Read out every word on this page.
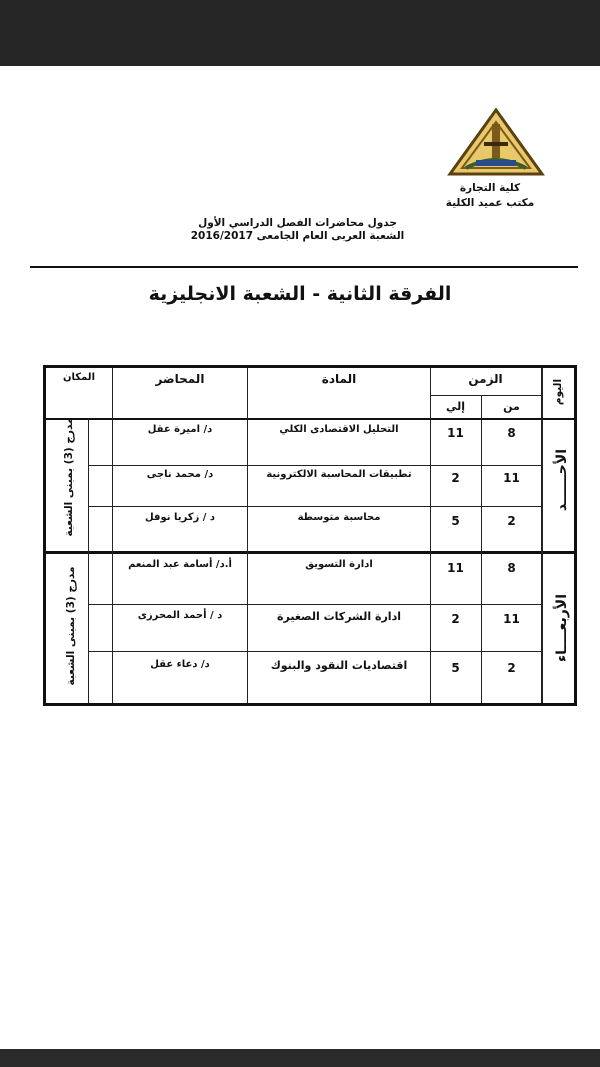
كلية التجارة
مكتب عميد الكلية
جدول محاضرات الفصل الدراسي الأول
الشعبة العربى العام الجامعى 2016/2017
الفرقة الثانية - الشعبة الانجليزية
اليوم
الزمن
من
إلي
المادة
المحاضر
المكان
الأحــــــد
مدرج (3) بمبنى الشعبة	8
11
التحليل الاقتصادى الكلي
د/ اميرة عقل
11
2
تطبيقات المحاسبة الالكترونية
د/ محمد ناجى
2
5
محاسبة متوسطة
د / زكريا نوفل
الأربعــــاء
مدرج (3) بمبنى الشعبة	8
11
ادارة التسويق
أ.د/ أسامة عبد المنعم
11
2
ادارة الشركات الصغيرة
د / أحمد المحرزى
2
5
اقتصاديات النقود والبنوك
د/ دعاء عقل
